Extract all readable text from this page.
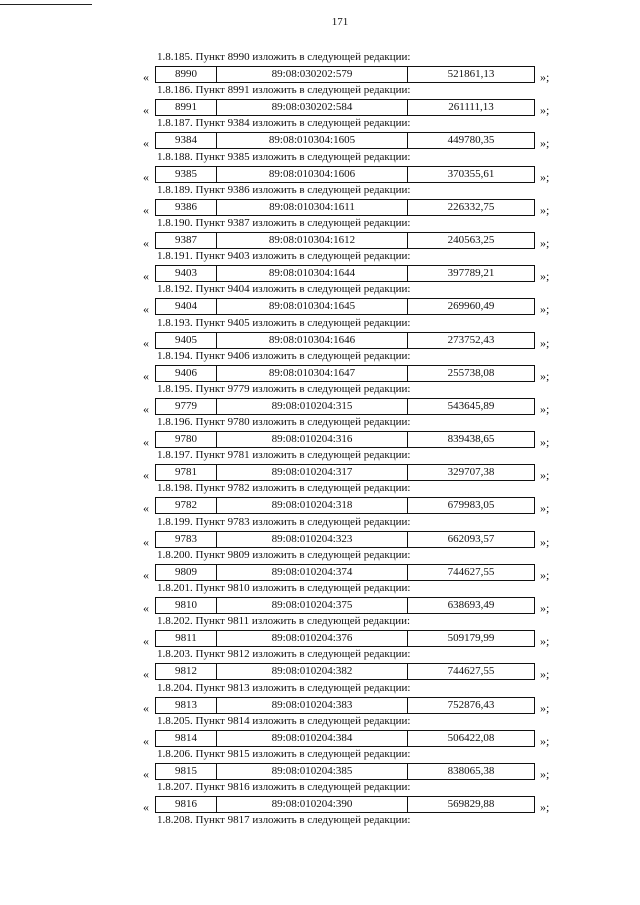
171
1.8.185. Пункт 8990 изложить в следующей редакции:
«	8990	89:08:030202:579	521861,13	»;
1.8.186. Пункт 8991 изложить в следующей редакции:
«	8991	89:08:030202:584	261111,13	»;
1.8.187. Пункт 9384 изложить в следующей редакции:
«	9384	89:08:010304:1605	449780,35	»;
1.8.188. Пункт 9385 изложить в следующей редакции:
«	9385	89:08:010304:1606	370355,61	»;
1.8.189. Пункт 9386 изложить в следующей редакции:
«	9386	89:08:010304:1611	226332,75	»;
1.8.190. Пункт 9387 изложить в следующей редакции:
«	9387	89:08:010304:1612	240563,25	»;
1.8.191. Пункт 9403 изложить в следующей редакции:
«	9403	89:08:010304:1644	397789,21	»;
1.8.192. Пункт 9404 изложить в следующей редакции:
«	9404	89:08:010304:1645	269960,49	»;
1.8.193. Пункт 9405 изложить в следующей редакции:
«	9405	89:08:010304:1646	273752,43	»;
1.8.194. Пункт 9406 изложить в следующей редакции:
«	9406	89:08:010304:1647	255738,08	»;
1.8.195. Пункт 9779 изложить в следующей редакции:
«	9779	89:08:010204:315	543645,89	»;
1.8.196. Пункт 9780 изложить в следующей редакции:
«	9780	89:08:010204:316	839438,65	»;
1.8.197. Пункт 9781 изложить в следующей редакции:
«	9781	89:08:010204:317	329707,38	»;
1.8.198. Пункт 9782 изложить в следующей редакции:
«	9782	89:08:010204:318	679983,05	»;
1.8.199. Пункт 9783 изложить в следующей редакции:
«	9783	89:08:010204:323	662093,57	»;
1.8.200. Пункт 9809 изложить в следующей редакции:
«	9809	89:08:010204:374	744627,55	»;
1.8.201. Пункт 9810 изложить в следующей редакции:
«	9810	89:08:010204:375	638693,49	»;
1.8.202. Пункт 9811 изложить в следующей редакции:
«	9811	89:08:010204:376	509179,99	»;
1.8.203. Пункт 9812 изложить в следующей редакции:
«	9812	89:08:010204:382	744627,55	»;
1.8.204. Пункт 9813 изложить в следующей редакции:
«	9813	89:08:010204:383	752876,43	»;
1.8.205. Пункт 9814 изложить в следующей редакции:
«	9814	89:08:010204:384	506422,08	»;
1.8.206. Пункт 9815 изложить в следующей редакции:
«	9815	89:08:010204:385	838065,38	»;
1.8.207. Пункт 9816 изложить в следующей редакции:
«	9816	89:08:010204:390	569829,88	»;
1.8.208. Пункт 9817 изложить в следующей редакции:
